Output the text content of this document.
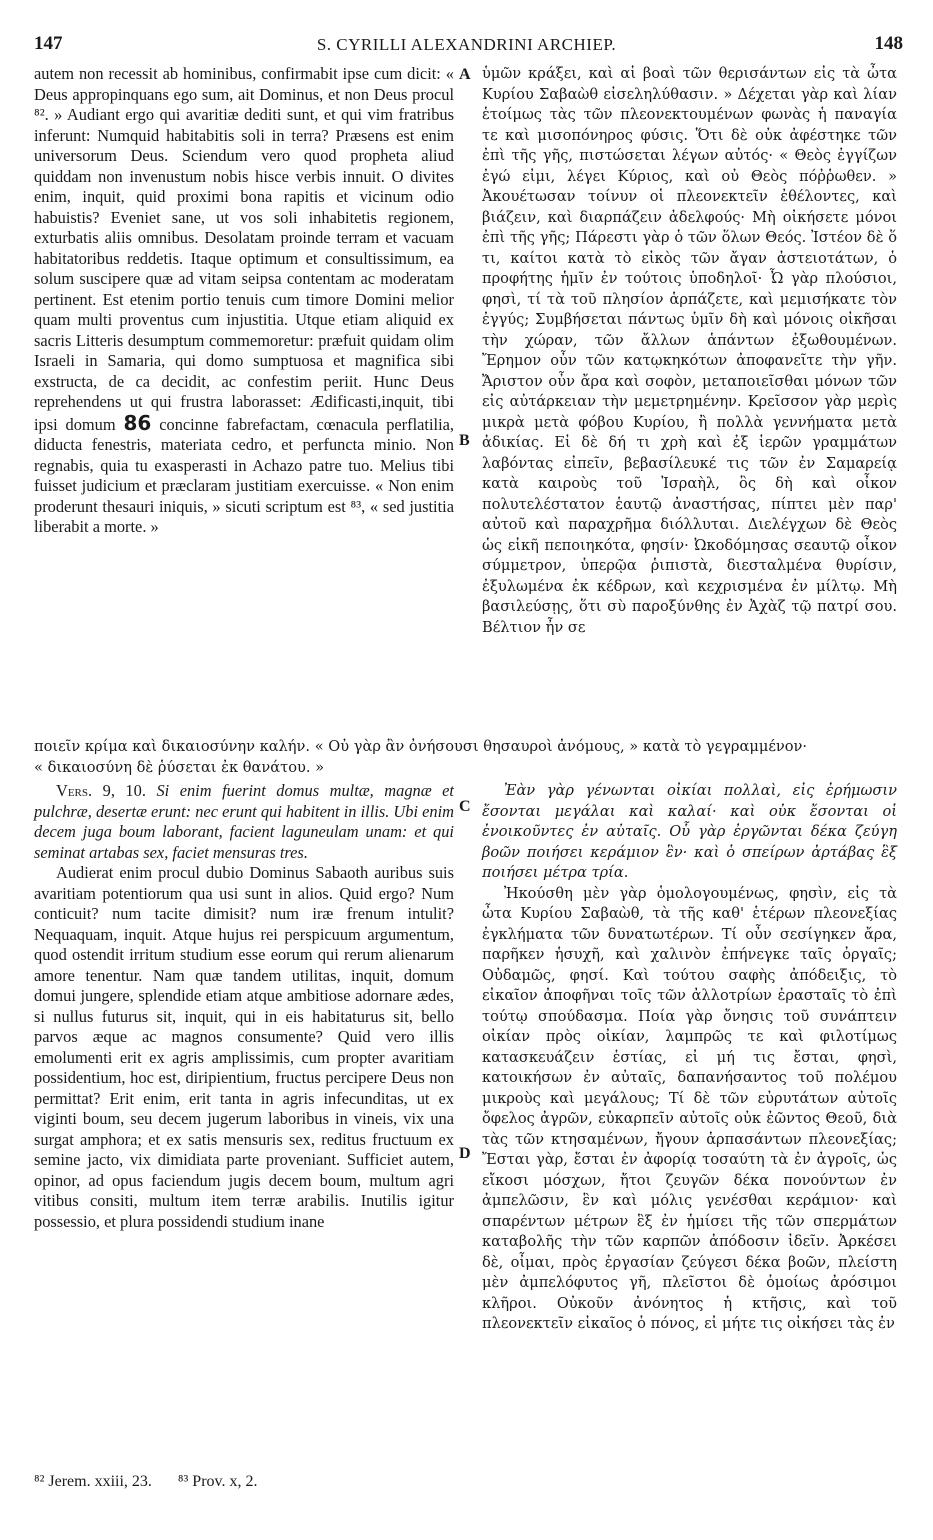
147	S. CYRILLI ALEXANDRINI ARCHIEP.	148

autem non recessit ab hominibus, confirmabit ipse cum dicit: « Deus appropinquans ego sum, ait Dominus, et non Deus procul ⁸². » Audiant ergo qui avaritiæ dediti sunt, et qui vim fratribus inferunt: Numquid habitabitis soli in terra? Præsens est enim universorum Deus. Sciendum vero quod propheta aliud quiddam non invenustum nobis hisce verbis innuit. O divites enim, inquit, quid proximi bona rapitis et vicinum odio habuistis? Eveniet sane, ut vos soli inhabitetis regionem, exturbatis aliis omnibus. Desolatam proinde terram et vacuam habitatoribus reddetis. Itaque optimum et consultissimum, ea solum suscipere quæ ad vitam seipsa contentam ac moderatam pertinent. Est etenim portio tenuis cum timore Domini melior quam multi proventus cum injustitia. Utque etiam aliquid ex sacris Litteris desumptum commemoretur: præfuit quidam olim Israeli in Samaria, qui domo sumptuosa et magnifica sibi exstructa, de ca decidit, ac confestim periit. Hunc Deus reprehendens ut qui frustra laborasset: Ædificasti,inquit, tibi ipsi domum 86 concinne fabrefactam, cœnacula perflatilia, diducta fenestris, materiata cedro, et perfuncta minio. Non regnabis, quia tu exasperasti in Achazo patre tuo. Melius tibi fuisset judicium et præclaram justitiam exercuisse. « Non enim proderunt thesauri iniquis, » sicuti scriptum est ⁸³, « sed justitia liberabit a morte. »

ὑμῶν κράξει, καὶ αἱ βοαὶ τῶν θερισάντων εἰς τὰ ὦτα Κυρίου Σαβαὼθ εἰσεληλύθασιν. » Δέχεται γὰρ καὶ λίαν ἑτοίμως τὰς τῶν πλεονεκτουμένων φωνὰς ἡ παναγία τε καὶ μισοπόνηρος φύσις. Ὅτι δὲ οὐκ ἀφέστηκε τῶν ἐπὶ τῆς γῆς, πιστώσεται λέγων αὐτός· « Θεὸς ἐγγίζων ἐγώ εἰμι, λέγει Κύριος, καὶ οὐ Θεὸς πόῤῥωθεν. » Ἀκουέτωσαν τοίνυν οἱ πλεονεκτεῖν ἐθέλοντες, καὶ βιάζειν, καὶ διαρπάζειν ἀδελφούς· Μὴ οἰκήσετε μόνοι ἐπὶ τῆς γῆς; Πάρεστι γὰρ ὁ τῶν ὅλων Θεός. Ἰστέον δὲ ὅ τι, καίτοι κατὰ τὸ εἰκὸς τῶν ἄγαν ἀστειοτάτων, ὁ προφήτης ἡμῖν ἐν τούτοις ὑποδηλοῖ· Ὦ γὰρ πλούσιοι, φησὶ, τί τὰ τοῦ πλησίον ἁρπάζετε, καὶ μεμισήκατε τὸν ἐγγύς; Συμβήσεται πάντως ὑμῖν δὴ καὶ μόνοις οἰκῆσαι τὴν χώραν, τῶν ἄλλων ἁπάντων ἐξωθουμένων. Ἔρημον οὖν τῶν κατῳκηκότων ἀποφανεῖτε τὴν γῆν. Ἄριστον οὖν ἄρα καὶ σοφὸν, μεταποιεῖσθαι μόνων τῶν εἰς αὐτάρκειαν τὴν μεμετρημένην. Κρεῖσσον γὰρ μερὶς μικρὰ μετὰ φόβου Κυρίου, ἢ πολλὰ γεννήματα μετὰ ἀδικίας. Εἰ δὲ δή τι χρὴ καὶ ἐξ ἱερῶν γραμμάτων λαβόντας εἰπεῖν, βεβασίλευκέ τις τῶν ἐν Σαμαρείᾳ κατὰ καιροὺς τοῦ Ἰσραὴλ, ὃς δὴ καὶ οἶκον πολυτελέστατον ἑαυτῷ ἀναστήσας, πίπτει μὲν παρ' αὐτοῦ καὶ παραχρῆμα διόλλυται. Διελέγχων δὲ Θεὸς ὡς εἰκῆ πεποιηκότα, φησίν· Ὠκοδόμησας σεαυτῷ οἶκον σύμμετρον, ὑπερῷα ῥιπιστὰ, διεσταλμένα θυρίσιν, ἐξυλωμένα ἐκ κέδρων, καὶ κεχρισμένα ἐν μίλτῳ. Μὴ βασιλεύσῃς, ὅτι σὺ παροξύνθης ἐν Ἀχὰζ τῷ πατρί σου. Βέλτιον ἦν σε

A
B
C
D
ποιεῖν κρίμα καὶ δικαιοσύνην καλήν. « Οὐ γὰρ ἂν ὀνήσουσι θησαυροὶ ἀνόμους, » κατὰ τὸ γεγραμμένον·
« δικαιοσύνη δὲ ῥύσεται ἐκ θανάτου. »

Vers. 9, 10. Si enim fuerint domus multæ, magnæ et pulchræ, desertæ erunt: nec erunt qui habitent in illis. Ubi enim decem juga boum laborant, facient laguneulam unam: et qui seminat artabas sex, faciet mensuras tres.

Audierat enim procul dubio Dominus Sabaoth auribus suis avaritiam potentiorum qua usi sunt in alios. Quid ergo? Num conticuit? num tacite dimisit? num iræ frenum intulit? Nequaquam, inquit. Atque hujus rei perspicuum argumentum, quod ostendit irritum studium esse eorum qui rerum alienarum amore tenentur. Nam quæ tandem utilitas, inquit, domum domui jungere, splendide etiam atque ambitiose adornare ædes, si nullus futurus sit, inquit, qui in eis habitaturus sit, bello parvos æque ac magnos consumente? Quid vero illis emolumenti erit ex agris amplissimis, cum propter avaritiam possidentium, hoc est, diripientium, fructus percipere Deus non permittat? Erit enim, erit tanta in agris infecunditas, ut ex viginti boum, seu decem jugerum laboribus in vineis, vix una surgat amphora; et ex satis mensuris sex, reditus fructuum ex semine jacto, vix dimidiata parte proveniant. Sufficiet autem, opinor, ad opus faciendum jugis decem boum, multum agri vitibus consiti, multum item terræ arabilis. Inutilis igitur possessio, et plura possidendi studium inane

Ἐὰν γὰρ γένωνται οἰκίαι πολλαὶ, εἰς ἐρήμωσιν ἔσονται μεγάλαι καὶ καλαί· καὶ οὐκ ἔσονται οἱ ἐνοικοῦντες ἐν αὐταῖς. Οὗ γὰρ ἐργῶνται δέκα ζεύγη βοῶν ποιήσει κεράμιον ἓν· καὶ ὁ σπείρων ἀρτάβας ἓξ ποιήσει μέτρα τρία.

Ἠκούσθη μὲν γὰρ ὁμολογουμένως, φησὶν, εἰς τὰ ὦτα Κυρίου Σαβαὼθ, τὰ τῆς καθ' ἑτέρων πλεονεξίας ἐγκλήματα τῶν δυνατωτέρων. Τί οὖν σεσίγηκεν ἄρα, παρῆκεν ἡσυχῆ, καὶ χαλινὸν ἐπήνεγκε ταῖς ὀργαῖς; Οὐδαμῶς, φησί. Καὶ τούτου σαφὴς ἀπόδειξις, τὸ εἰκαῖον ἀποφῆναι τοῖς τῶν ἀλλοτρίων ἐρασταῖς τὸ ἐπὶ τούτῳ σπούδασμα. Ποία γὰρ ὄνησις τοῦ συνάπτειν οἰκίαν πρὸς οἰκίαν, λαμπρῶς τε καὶ φιλοτίμως κατασκευάζειν ἑστίας, εἰ μή τις ἔσται, φησὶ, κατοικήσων ἐν αὐταῖς, δαπανήσαντος τοῦ πολέμου μικροὺς καὶ μεγάλους; Τί δὲ τῶν εὐρυτάτων αὐτοῖς ὄφελος ἀγρῶν, εὐκαρπεῖν αὐτοῖς οὐκ ἐῶντος Θεοῦ, διὰ τὰς τῶν κτησαμένων, ἤγουν ἁρπασάντων πλεονεξίας; Ἔσται γὰρ, ἔσται ἐν ἀφορίᾳ τοσαύτη τὰ ἐν ἀγροῖς, ὡς εἴκοσι μόσχων, ἤτοι ζευγῶν δέκα πονούντων ἐν ἀμπελῶσιν, ἓν καὶ μόλις γενέσθαι κεράμιον· καὶ σπαρέντων μέτρων ἓξ ἐν ἡμίσει τῆς τῶν σπερμάτων καταβολῆς τὴν τῶν καρπῶν ἀπόδοσιν ἰδεῖν. Ἀρκέσει δὲ, οἶμαι, πρὸς ἐργασίαν ζεύγεσι δέκα βοῶν, πλείστη μὲν ἀμπελόφυτος γῆ, πλεῖστοι δὲ ὁμοίως ἀρόσιμοι κλῆροι. Οὐκοῦν ἀνόνητος ἡ κτῆσις, καὶ τοῦ πλεονεκτεῖν εἰκαῖος ὁ πόνος, εἰ μήτε τις οἰκήσει τὰς ἐν

⁸² Jerem. xxiii, 23. ⁸³ Prov. x, 2.
